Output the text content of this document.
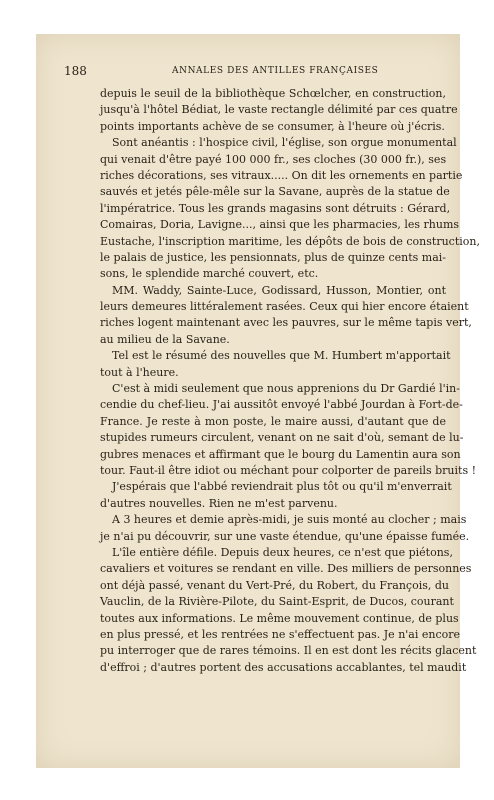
188	ANNALES DES ANTILLES FRANÇAISES
depuis le seuil de la bibliothèque Schœlcher, en construction,
jusqu'à l'hôtel Bédiat, le vaste rectangle délimité par ces quatre
points importants achève de se consumer, à l'heure où j'écris.
Sont anéantis : l'hospice civil, l'église, son orgue monumental
qui venait d'être payé 100 000 fr., ses cloches (30 000 fr.), ses
riches décorations, ses vitraux..... On dit les ornements en partie
sauvés et jetés pêle-mêle sur la Savane, auprès de la statue de
l'impératrice. Tous les grands magasins sont détruits : Gérard,
Comairas, Doria, Lavigne..., ainsi que les pharmacies, les rhums
Eustache, l'inscription maritime, les dépôts de bois de construction,
le palais de justice, les pensionnats, plus de quinze cents mai-
sons, le splendide marché couvert, etc.
MM. Waddy, Sainte-Luce, Godissard, Husson, Montier, ont
leurs demeures littéralement rasées. Ceux qui hier encore étaient
riches logent maintenant avec les pauvres, sur le même tapis vert,
au milieu de la Savane.
Tel est le résumé des nouvelles que M. Humbert m'apportait
tout à l'heure.
C'est à midi seulement que nous apprenions du Dr Gardié l'in-
cendie du chef-lieu. J'ai aussitôt envoyé l'abbé Jourdan à Fort-de-
France. Je reste à mon poste, le maire aussi, d'autant que de
stupides rumeurs circulent, venant on ne sait d'où, semant de lu-
gubres menaces et affirmant que le bourg du Lamentin aura son
tour. Faut-il être idiot ou méchant pour colporter de pareils bruits !
J'espérais que l'abbé reviendrait plus tôt ou qu'il m'enverrait
d'autres nouvelles. Rien ne m'est parvenu.
A 3 heures et demie après-midi, je suis monté au clocher ; mais
je n'ai pu découvrir, sur une vaste étendue, qu'une épaisse fumée.
L'île entière défile. Depuis deux heures, ce n'est que piétons,
cavaliers et voitures se rendant en ville. Des milliers de personnes
ont déjà passé, venant du Vert-Pré, du Robert, du François, du
Vauclin, de la Rivière-Pilote, du Saint-Esprit, de Ducos, courant
toutes aux informations. Le même mouvement continue, de plus
en plus pressé, et les rentrées ne s'effectuent pas. Je n'ai encore
pu interroger que de rares témoins. Il en est dont les récits glacent
d'effroi ; d'autres portent des accusations accablantes, tel maudit
